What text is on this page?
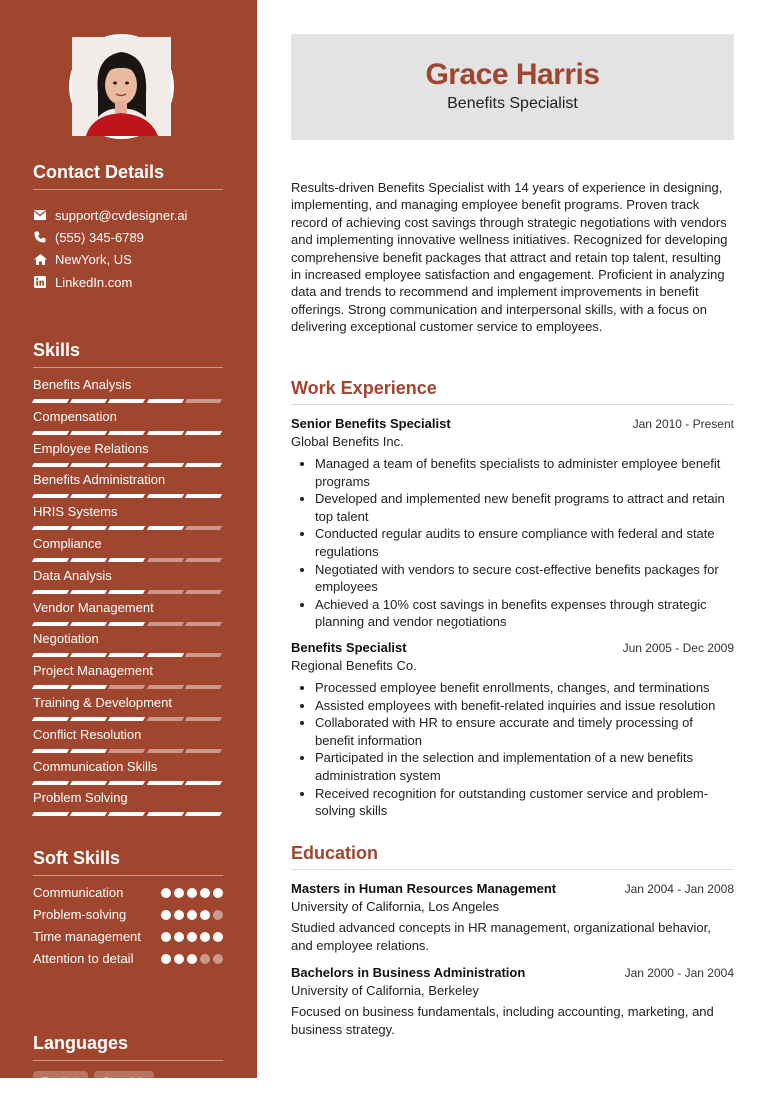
Contact Details
support@cvdesigner.ai
(555) 345-6789
NewYork, US
LinkedIn.com
Skills
Benefits Analysis
Compensation
Employee Relations
Benefits Administration
HRIS Systems
Compliance
Data Analysis
Vendor Management
Negotiation
Project Management
Training & Development
Conflict Resolution
Communication Skills
Problem Solving
Soft Skills
Communication
Problem-solving
Time management
Attention to detail
Languages
English	Spanish
Grace Harris
Benefits Specialist
Results-driven Benefits Specialist with 14 years of experience in designing, implementing, and managing employee benefit programs. Proven track record of achieving cost savings through strategic negotiations with vendors and implementing innovative wellness initiatives. Recognized for developing comprehensive benefit packages that attract and retain top talent, resulting in increased employee satisfaction and engagement. Proficient in analyzing data and trends to recommend and implement improvements in benefit offerings. Strong communication and interpersonal skills, with a focus on delivering exceptional customer service to employees.
Work Experience
Senior Benefits Specialist	Jan 2010 - Present
Global Benefits Inc.
• Managed a team of benefits specialists to administer employee benefit programs
• Developed and implemented new benefit programs to attract and retain top talent
• Conducted regular audits to ensure compliance with federal and state regulations
• Negotiated with vendors to secure cost-effective benefits packages for employees
• Achieved a 10% cost savings in benefits expenses through strategic planning and vendor negotiations
Benefits Specialist	Jun 2005 - Dec 2009
Regional Benefits Co.
• Processed employee benefit enrollments, changes, and terminations
• Assisted employees with benefit-related inquiries and issue resolution
• Collaborated with HR to ensure accurate and timely processing of benefit information
• Participated in the selection and implementation of a new benefits administration system
• Received recognition for outstanding customer service and problem-solving skills
Education
Masters in Human Resources Management	Jan 2004 - Jan 2008
University of California, Los Angeles
Studied advanced concepts in HR management, organizational behavior, and employee relations.
Bachelors in Business Administration	Jan 2000 - Jan 2004
University of California, Berkeley
Focused on business fundamentals, including accounting, marketing, and business strategy.
